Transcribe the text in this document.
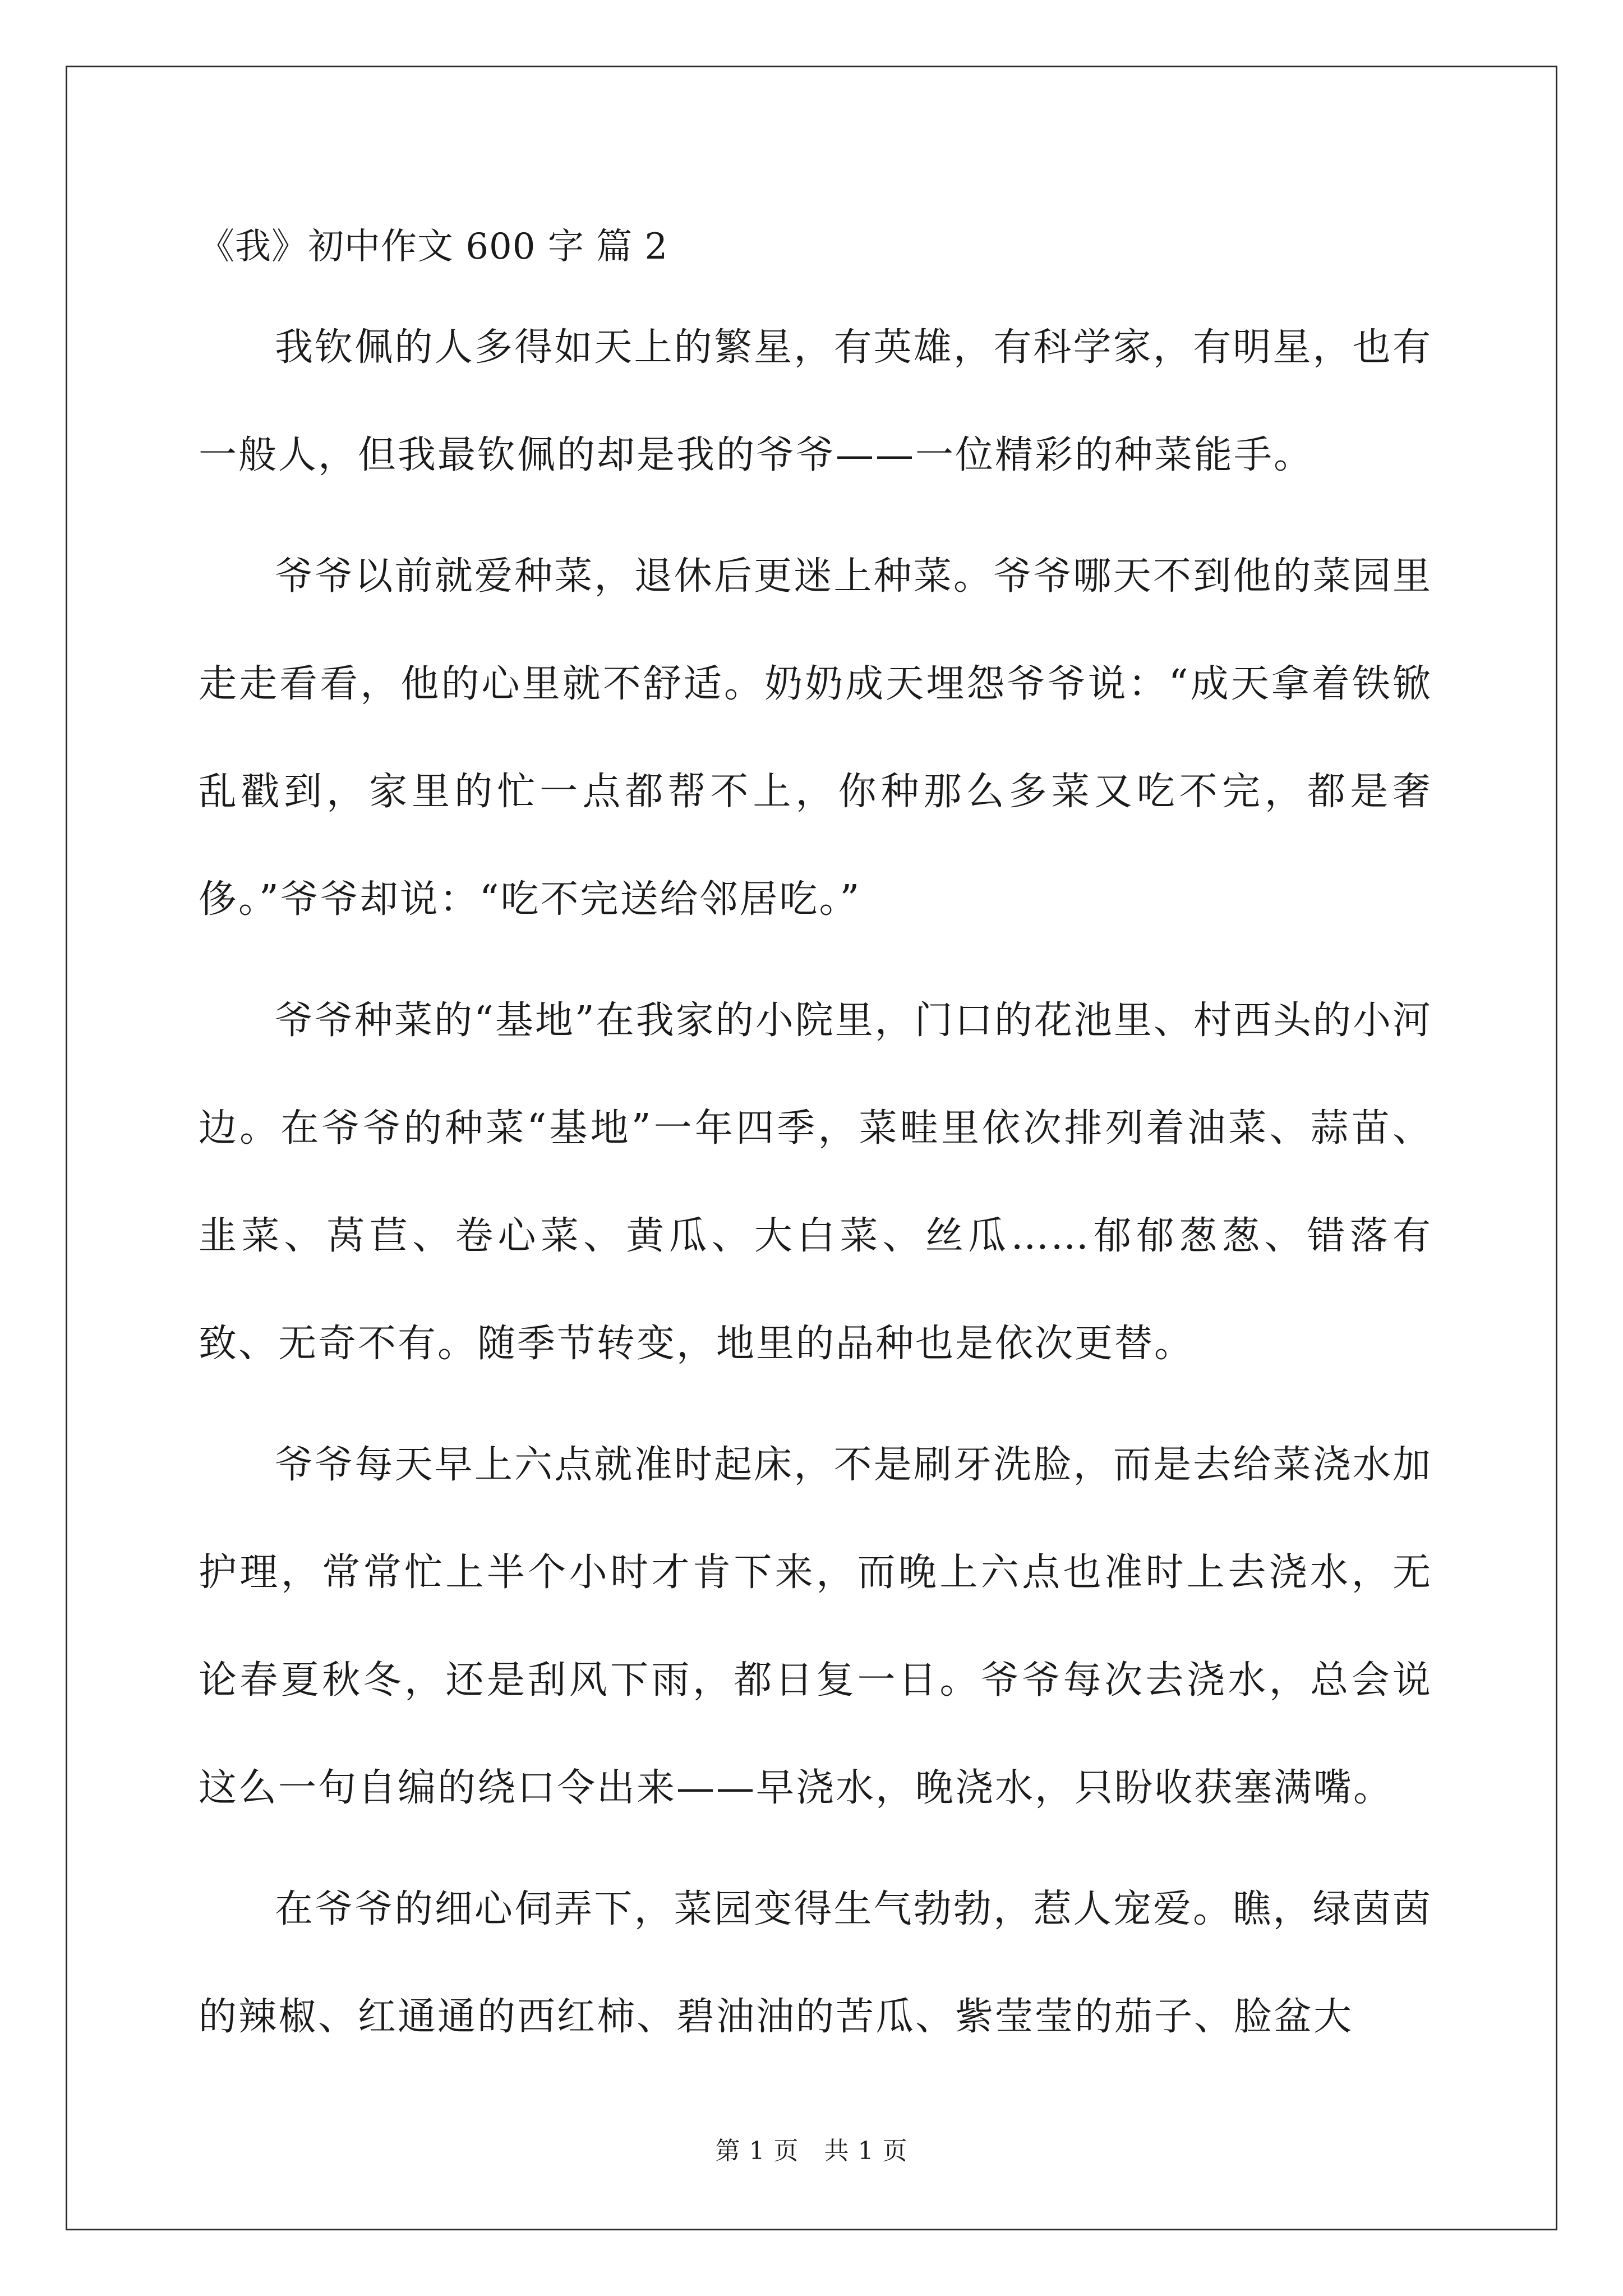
《我》初中作文 600 字 篇 2

我钦佩的人多得如天上的繁星，有英雄，有科学家，有明星，也有一般人，但我最钦佩的却是我的爷爷——一位精彩的种菜能手。

爷爷以前就爱种菜，退休后更迷上种菜。爷爷哪天不到他的菜园里走走看看，他的心里就不舒适。奶奶成天埋怨爷爷说：“成天拿着铁锨乱戳到，家里的忙一点都帮不上，你种那么多菜又吃不完，都是奢侈。”爷爷却说：“吃不完送给邻居吃。”

爷爷种菜的“基地”在我家的小院里，门口的花池里、村西头的小河边。在爷爷的种菜“基地”一年四季，菜畦里依次排列着油菜、蒜苗、韭菜、莴苣、卷心菜、黄瓜、大白菜、丝瓜……郁郁葱葱、错落有致、无奇不有。随季节转变，地里的品种也是依次更替。

爷爷每天早上六点就准时起床，不是刷牙洗脸，而是去给菜浇水加护理，常常忙上半个小时才肯下来，而晚上六点也准时上去浇水，无论春夏秋冬，还是刮风下雨，都日复一日。爷爷每次去浇水，总会说这么一句自编的绕口令出来——早浇水，晚浇水，只盼收获塞满嘴。

在爷爷的细心伺弄下，菜园变得生气勃勃，惹人宠爱。瞧，绿茵茵的辣椒、红通通的西红柿、碧油油的苦瓜、紫莹莹的茄子、脸盆大

第 1 页　共 1 页
